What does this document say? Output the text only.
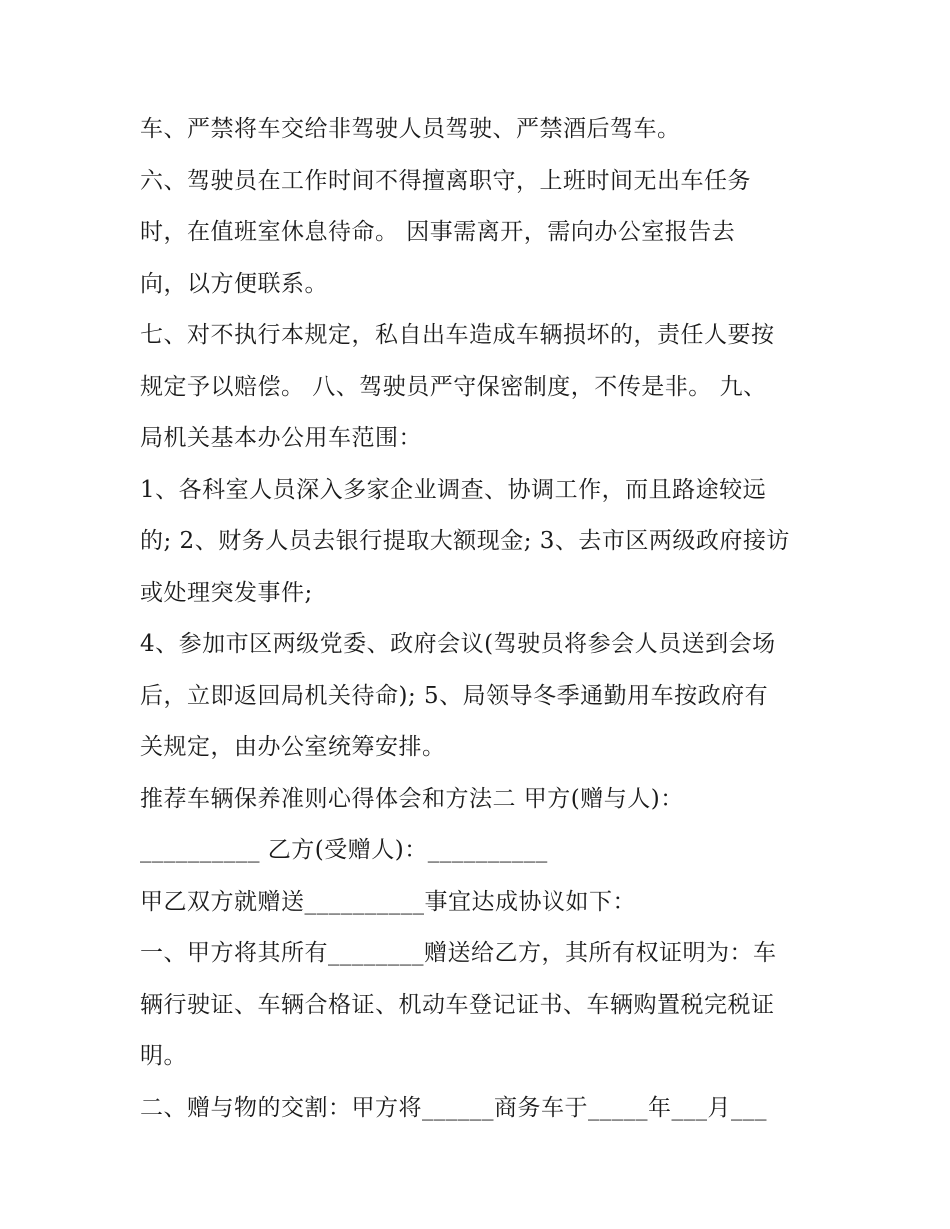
车、严禁将车交给非驾驶人员驾驶、严禁酒后驾车。
六、驾驶员在工作时间不得擅离职守，上班时间无出车任务
时，在值班室休息待命。 因事需离开，需向办公室报告去
向，以方便联系。
七、对不执行本规定，私自出车造成车辆损坏的，责任人要按
规定予以赔偿。 八、驾驶员严守保密制度，不传是非。 九、
局机关基本办公用车范围：
1、各科室人员深入多家企业调查、协调工作，而且路途较远
的; 2、财务人员去银行提取大额现金; 3、去市区两级政府接访
或处理突发事件;
4、参加市区两级党委、政府会议(驾驶员将参会人员送到会场
后，立即返回局机关待命); 5、局领导冬季通勤用车按政府有
关规定，由办公室统筹安排。
推荐车辆保养准则心得体会和方法二 甲方(赠与人)：
__________ 乙方(受赠人)：__________
甲乙双方就赠送__________事宜达成协议如下：
一、甲方将其所有________赠送给乙方，其所有权证明为：车
辆行驶证、车辆合格证、机动车登记证书、车辆购置税完税证
明。
二、赠与物的交割：甲方将______商务车于_____年___月___
